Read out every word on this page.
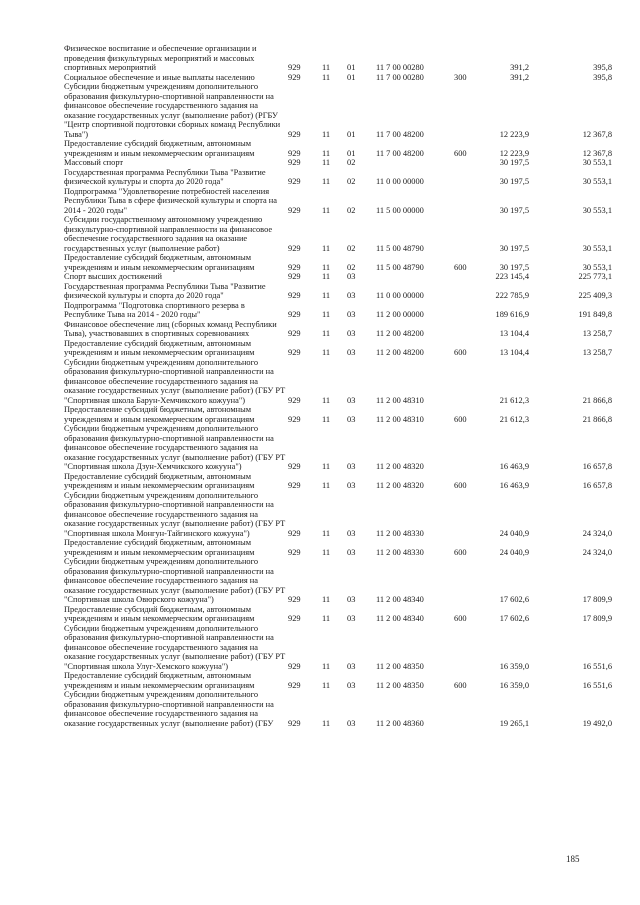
Физическое воспитание и обеспечение организации и проведения физкультурных мероприятий и массовых спортивных мероприятий	929	11 01 11 7 00 00280	391,2	395,8
Социальное обеспечение и иные выплаты населению	929	11 01 11 7 00 00280	300	391,2	395,8
Субсидии бюджетным учреждениям дополнительного образования физкультурно-спортивной направленности на финансовое обеспечение государственного задания на оказание государственных услуг (выполнение работ) (РГБУ "Центр спортивной подготовки сборных команд Республики Тыва")	929	11 01 11 7 00 48200	12 223,9	12 367,8
Предоставление субсидий бюджетным, автономным учреждениям и иным некоммерческим организациям	929	11 01 11 7 00 48200	600	12 223,9	12 367,8
Массовый спорт	929	11 02	30 197,5	30 553,1
Государственная программа Республики Тыва "Развитие физической культуры и спорта до 2020 года"	929	11 02 11 0 00 00000	30 197,5	30 553,1
Подпрограмма "Удовлетворение потребностей населения Республики Тыва в сфере физической культуры и спорта на 2014 - 2020 годы"	929	11 02 11 5 00 00000	30 197,5	30 553,1
Субсидии государственному автономному учреждению физкультурно-спортивной направленности на финансовое обеспечение государственного задания на оказание государственных услуг (выполнение работ)	929	11 02 11 5 00 48790	30 197,5	30 553,1
Предоставление субсидий бюджетным, автономным учреждениям и иным некоммерческим организациям	929	11 02 11 5 00 48790	600	30 197,5	30 553,1
Спорт высших достижений	929	11 03	223 145,4	225 773,1
Государственная программа Республики Тыва "Развитие физической культуры и спорта до 2020 года"	929	11 03 11 0 00 00000	222 785,9	225 409,3
Подпрограмма "Подготовка спортивного резерва в Республике Тыва на 2014 - 2020 годы"	929	11 03 11 2 00 00000	189 616,9	191 849,8
Финансовое обеспечение лиц (сборных команд Республики Тыва), участвовавших в спортивных соревнованиях	929	11 03 11 2 00 48200	13 104,4	13 258,7
Предоставление субсидий бюджетным, автономным учреждениям и иным некоммерческим организациям	929	11 03 11 2 00 48200	600	13 104,4	13 258,7
Субсидии бюджетным учреждениям дополнительного образования физкультурно-спортивной направленности на финансовое обеспечение государственного задания на оказание государственных услуг (выполнение работ) (ГБУ РТ "Спортивная школа Барун-Хемчикского кожууна")	929	11 03 11 2 00 48310	21 612,3	21 866,8
Предоставление субсидий бюджетным, автономным учреждениям и иным некоммерческим организациям	929	11 03 11 2 00 48310	600	21 612,3	21 866,8
Субсидии бюджетным учреждениям дополнительного образования физкультурно-спортивной направленности на финансовое обеспечение государственного задания на оказание государственных услуг (выполнение работ) (ГБУ РТ "Спортивная школа Дзун-Хемчикского кожууна")	929	11 03 11 2 00 48320	16 463,9	16 657,8
Предоставление субсидий бюджетным, автономным учреждениям и иным некоммерческим организациям	929	11 03 11 2 00 48320	600	16 463,9	16 657,8
Субсидии бюджетным учреждениям дополнительного образования физкультурно-спортивной направленности на финансовое обеспечение государственного задания на оказание государственных услуг (выполнение работ) (ГБУ РТ "Спортивная школа Монгун-Тайгинского кожууна")	929	11 03 11 2 00 48330	24 040,9	24 324,0
Предоставление субсидий бюджетным, автономным учреждениям и иным некоммерческим организациям	929	11 03 11 2 00 48330	600	24 040,9	24 324,0
Субсидии бюджетным учреждениям дополнительного образования физкультурно-спортивной направленности на финансовое обеспечение государственного задания на оказание государственных услуг (выполнение работ) (ГБУ РТ "Спортивная школа Овюрского кожууна")	929	11 03 11 2 00 48340	17 602,6	17 809,9
Предоставление субсидий бюджетным, автономным учреждениям и иным некоммерческим организациям	929	11 03 11 2 00 48340	600	17 602,6	17 809,9
Субсидии бюджетным учреждениям дополнительного образования физкультурно-спортивной направленности на финансовое обеспечение государственного задания на оказание государственных услуг (выполнение работ) (ГБУ РТ "Спортивная школа Улуг-Хемского кожууна")	929	11 03 11 2 00 48350	16 359,0	16 551,6
Предоставление субсидий бюджетным, автономным учреждениям и иным некоммерческим организациям	929	11 03 11 2 00 48350	600	16 359,0	16 551,6
Субсидии бюджетным учреждениям дополнительного образования физкультурно-спортивной направленности на финансовое обеспечение государственного задания на оказание государственных услуг (выполнение работ) (ГБУ	929	11 03 11 2 00 48360	19 265,1	19 492,0
185
